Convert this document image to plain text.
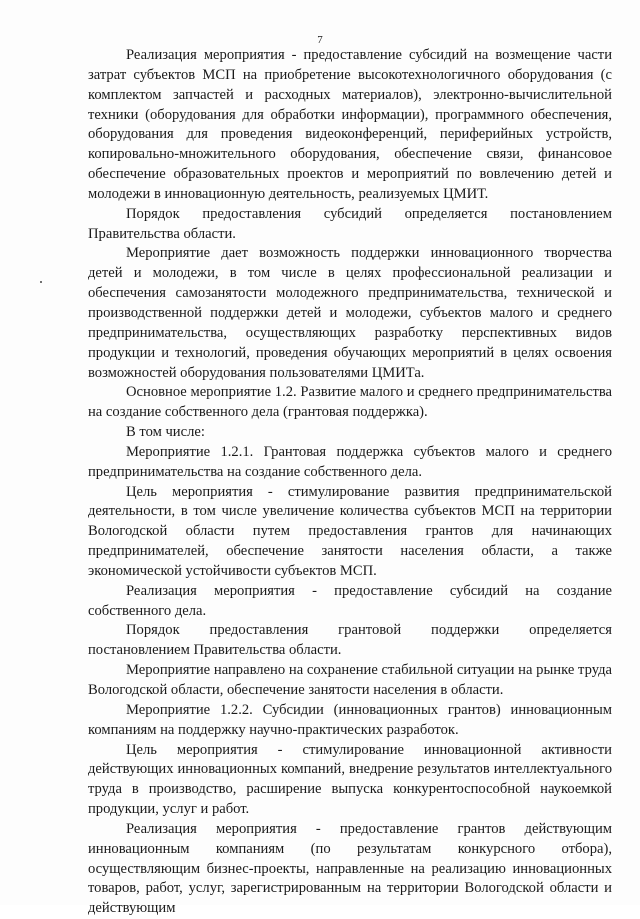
7

Реализация мероприятия - предоставление субсидий на возмещение части затрат субъектов МСП на приобретение высокотехнологичного оборудования (с комплектом запчастей и расходных материалов), электронно-вычислительной техники (оборудования для обработки информации), программного обеспечения, оборудования для проведения видеоконференций, периферийных устройств, копировально-множительного оборудования, обеспечение связи, финансовое обеспечение образовательных проектов и мероприятий по вовлечению детей и молодежи в инновационную деятельность, реализуемых ЦМИТ.

Порядок предоставления субсидий определяется постановлением Правительства области.

Мероприятие дает возможность поддержки инновационного творчества детей и молодежи, в том числе в целях профессиональной реализации и обеспечения самозанятости молодежного предпринимательства, технической и производственной поддержки детей и молодежи, субъектов малого и среднего предпринимательства, осуществляющих разработку перспективных видов продукции и технологий, проведения обучающих мероприятий в целях освоения возможностей оборудования пользователями ЦМИТа.

Основное мероприятие 1.2. Развитие малого и среднего предпринимательства на создание собственного дела (грантовая поддержка).

В том числе:

Мероприятие 1.2.1. Грантовая поддержка субъектов малого и среднего предпринимательства на создание собственного дела.

Цель мероприятия - стимулирование развития предпринимательской деятельности, в том числе увеличение количества субъектов МСП на территории Вологодской области путем предоставления грантов для начинающих предпринимателей, обеспечение занятости населения области, а также экономической устойчивости субъектов МСП.

Реализация мероприятия - предоставление субсидий на создание собственного дела.

Порядок предоставления грантовой поддержки определяется постановлением Правительства области.

Мероприятие направлено на сохранение стабильной ситуации на рынке труда Вологодской области, обеспечение занятости населения в области.

Мероприятие 1.2.2. Субсидии (инновационных грантов) инновационным компаниям на поддержку научно-практических разработок.

Цель мероприятия - стимулирование инновационной активности действующих инновационных компаний, внедрение результатов интеллектуального труда в производство, расширение выпуска конкурентоспособной наукоемкой продукции, услуг и работ.

Реализация мероприятия - предоставление грантов действующим инновационным компаниям (по результатам конкурсного отбора), осуществляющим бизнес-проекты, направленные на реализацию инновационных товаров, работ, услуг, зарегистрированным на территории Вологодской области и действующим
